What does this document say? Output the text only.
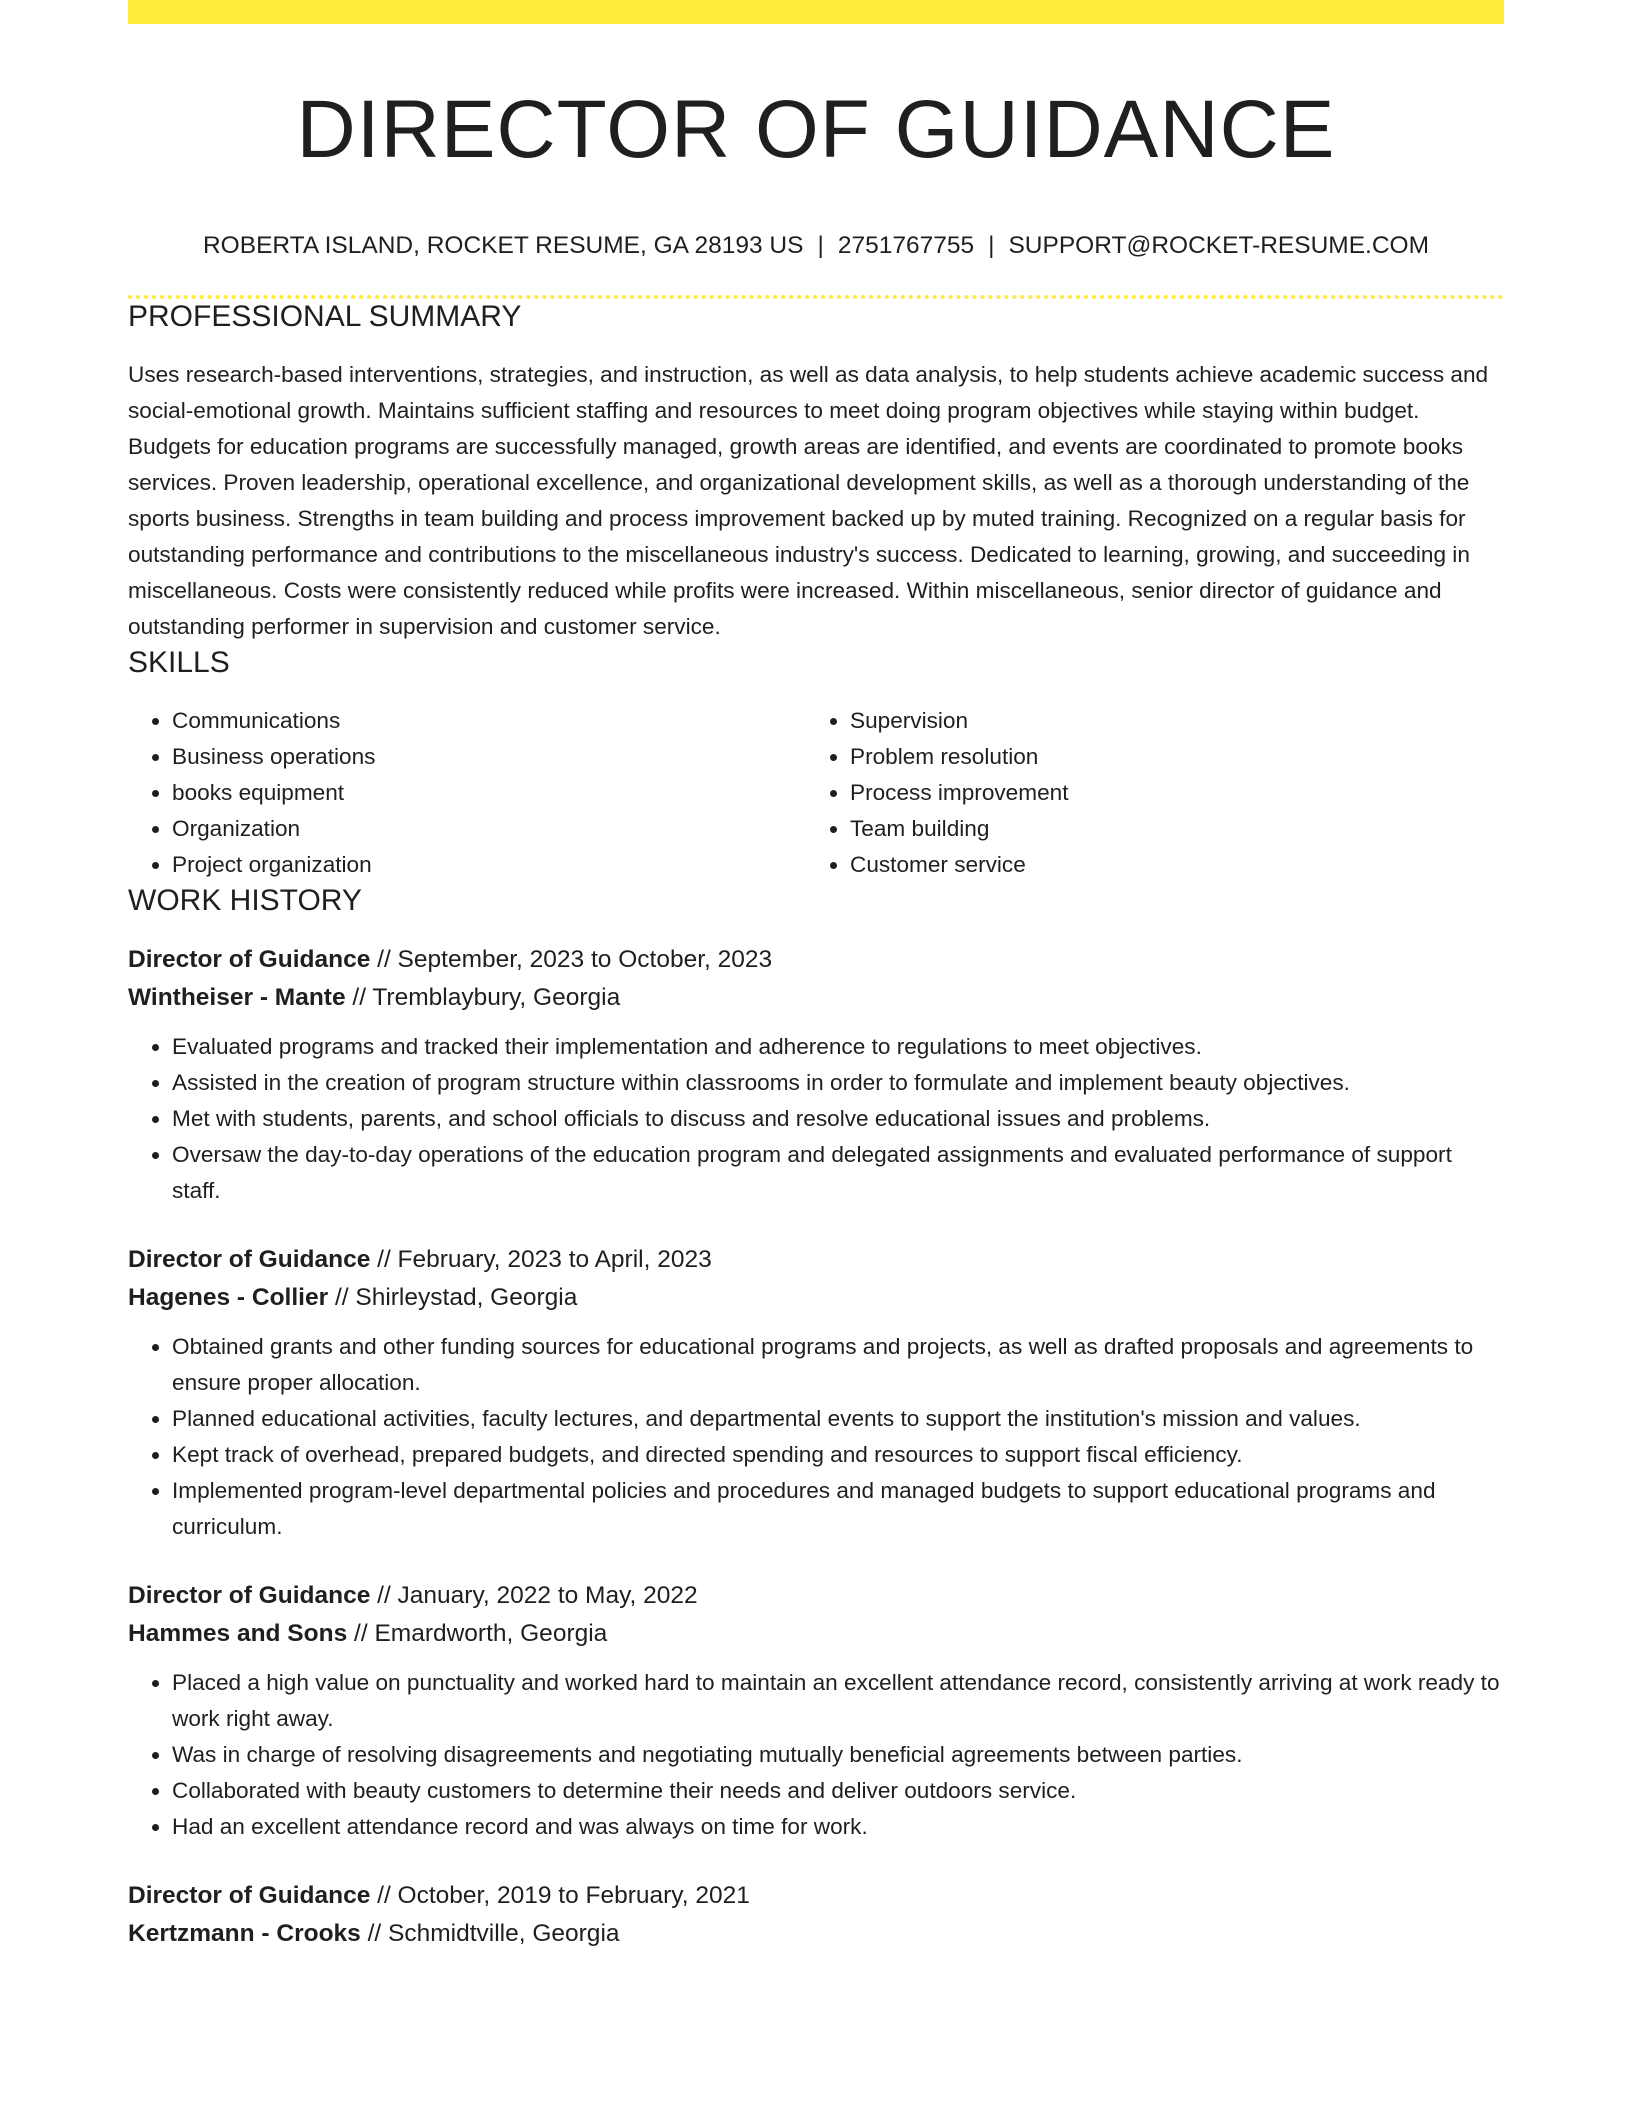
DIRECTOR OF GUIDANCE
ROBERTA ISLAND, ROCKET RESUME, GA 28193 US | 2751767755 | SUPPORT@ROCKET-RESUME.COM
PROFESSIONAL SUMMARY
Uses research-based interventions, strategies, and instruction, as well as data analysis, to help students achieve academic success and social-emotional growth. Maintains sufficient staffing and resources to meet doing program objectives while staying within budget. Budgets for education programs are successfully managed, growth areas are identified, and events are coordinated to promote books services. Proven leadership, operational excellence, and organizational development skills, as well as a thorough understanding of the sports business. Strengths in team building and process improvement backed up by muted training. Recognized on a regular basis for outstanding performance and contributions to the miscellaneous industry's success. Dedicated to learning, growing, and succeeding in miscellaneous. Costs were consistently reduced while profits were increased. Within miscellaneous, senior director of guidance and outstanding performer in supervision and customer service.
SKILLS
• Communications
• Business operations
• books equipment
• Organization
• Project organization
• Supervision
• Problem resolution
• Process improvement
• Team building
• Customer service
WORK HISTORY
Director of Guidance // September, 2023 to October, 2023
Wintheiser - Mante // Tremblaybury, Georgia
• Evaluated programs and tracked their implementation and adherence to regulations to meet objectives.
• Assisted in the creation of program structure within classrooms in order to formulate and implement beauty objectives.
• Met with students, parents, and school officials to discuss and resolve educational issues and problems.
• Oversaw the day-to-day operations of the education program and delegated assignments and evaluated performance of support staff.
Director of Guidance // February, 2023 to April, 2023
Hagenes - Collier // Shirleystad, Georgia
• Obtained grants and other funding sources for educational programs and projects, as well as drafted proposals and agreements to ensure proper allocation.
• Planned educational activities, faculty lectures, and departmental events to support the institution's mission and values.
• Kept track of overhead, prepared budgets, and directed spending and resources to support fiscal efficiency.
• Implemented program-level departmental policies and procedures and managed budgets to support educational programs and curriculum.
Director of Guidance // January, 2022 to May, 2022
Hammes and Sons // Emardworth, Georgia
• Placed a high value on punctuality and worked hard to maintain an excellent attendance record, consistently arriving at work ready to work right away.
• Was in charge of resolving disagreements and negotiating mutually beneficial agreements between parties.
• Collaborated with beauty customers to determine their needs and deliver outdoors service.
• Had an excellent attendance record and was always on time for work.
Director of Guidance // October, 2019 to February, 2021
Kertzmann - Crooks // Schmidtville, Georgia
